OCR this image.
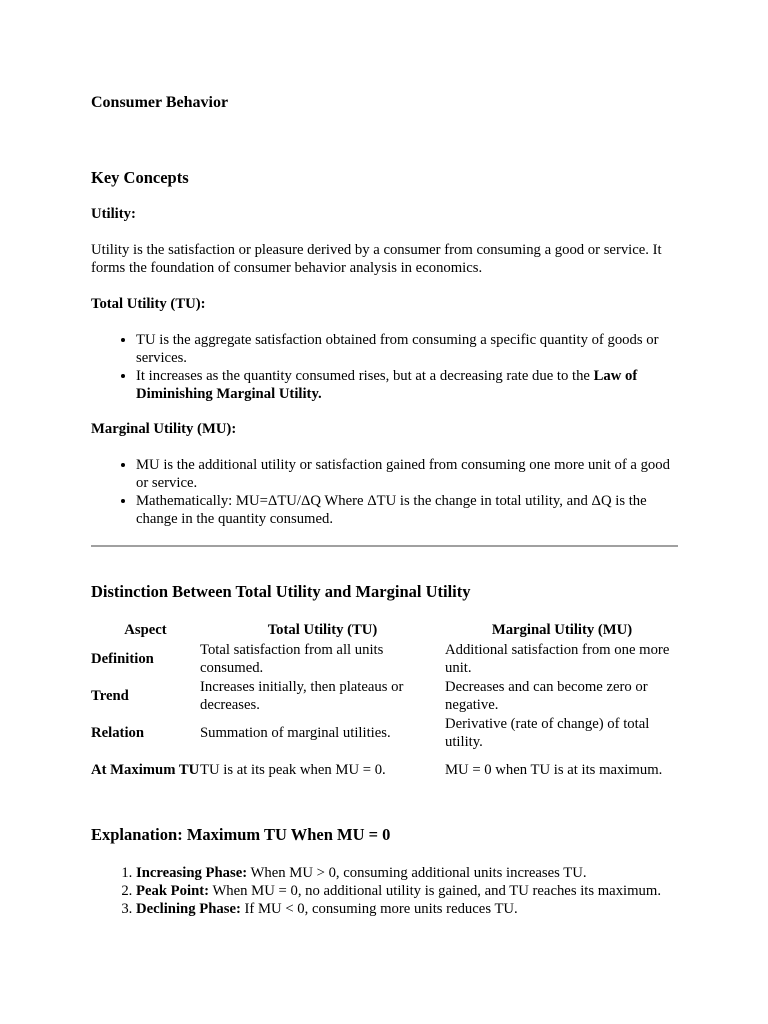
Consumer Behavior
Key Concepts
Utility:

Utility is the satisfaction or pleasure derived by a consumer from consuming a good or service. It forms the foundation of consumer behavior analysis in economics.

Total Utility (TU):
• TU is the aggregate satisfaction obtained from consuming a specific quantity of goods or services.
• It increases as the quantity consumed rises, but at a decreasing rate due to the Law of Diminishing Marginal Utility.
Marginal Utility (MU):
• MU is the additional utility or satisfaction gained from consuming one more unit of a good or service.
• Mathematically: MU=ΔTU/ΔQ Where ΔTU is the change in total utility, and ΔQ is the change in the quantity consumed.
Distinction Between Total Utility and Marginal Utility
Aspect	Total Utility (TU)	Marginal Utility (MU)
Definition	Total satisfaction from all units consumed.	Additional satisfaction from one more unit.
Trend	Increases initially, then plateaus or decreases.	Decreases and can become zero or negative.
Relation	Summation of marginal utilities.	Derivative (rate of change) of total utility.
At Maximum TU	TU is at its peak when MU = 0.	MU = 0 when TU is at its maximum.
Explanation: Maximum TU When MU = 0
1. Increasing Phase: When MU > 0, consuming additional units increases TU.
2. Peak Point: When MU = 0, no additional utility is gained, and TU reaches its maximum.
3. Declining Phase: If MU < 0, consuming more units reduces TU.
